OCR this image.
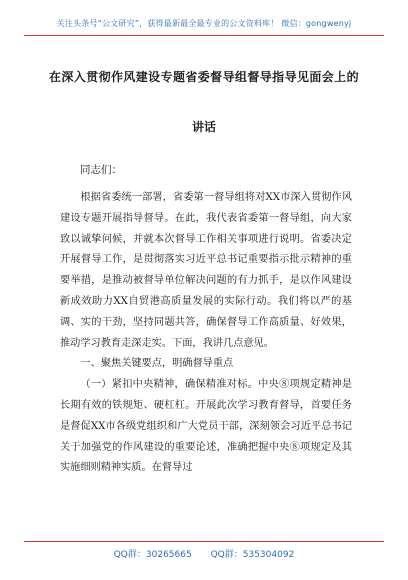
关注头条号“公文研究”，获得最新最全最专业的公文资料库！ 微信：gongwenyj
在深入贯彻作风建设专题省委督导组督导指导见面会上的
讲话
同志们：

根据省委统一部署，省委第一督导组将对XX市深入贯彻作风建设专题开展指导督导。在此，我代表省委第一督导组，向大家致以诚挚问候，并就本次督导工作相关事项进行说明。省委决定开展督导工作，是贯彻落实习近平总书记重要指示批示精神的重要举措，是推动被督导单位解决问题的有力抓手，是以作风建设新成效助力XX自贸港高质量发展的实际行动。我们将以严的基调、实的干劲，坚持同题共答，确保督导工作高质量、好效果，推动学习教育走深走实。下面，我讲几点意见。

一、聚焦关键要点，明确督导重点

（一）紧扣中央精神，确保精准对标。中央⑧项规定精神是长期有效的铁规矩、硬杠杠。开展此次学习教育督导，首要任务是督促XX市各级党组织和广大党员干部，深刻领会习近平总书记关于加强党的作风建设的重要论述，准确把握中央⑧项规定及其实施细则精神实质。在督导过

QQ群：30265665 QQ群：535304092
